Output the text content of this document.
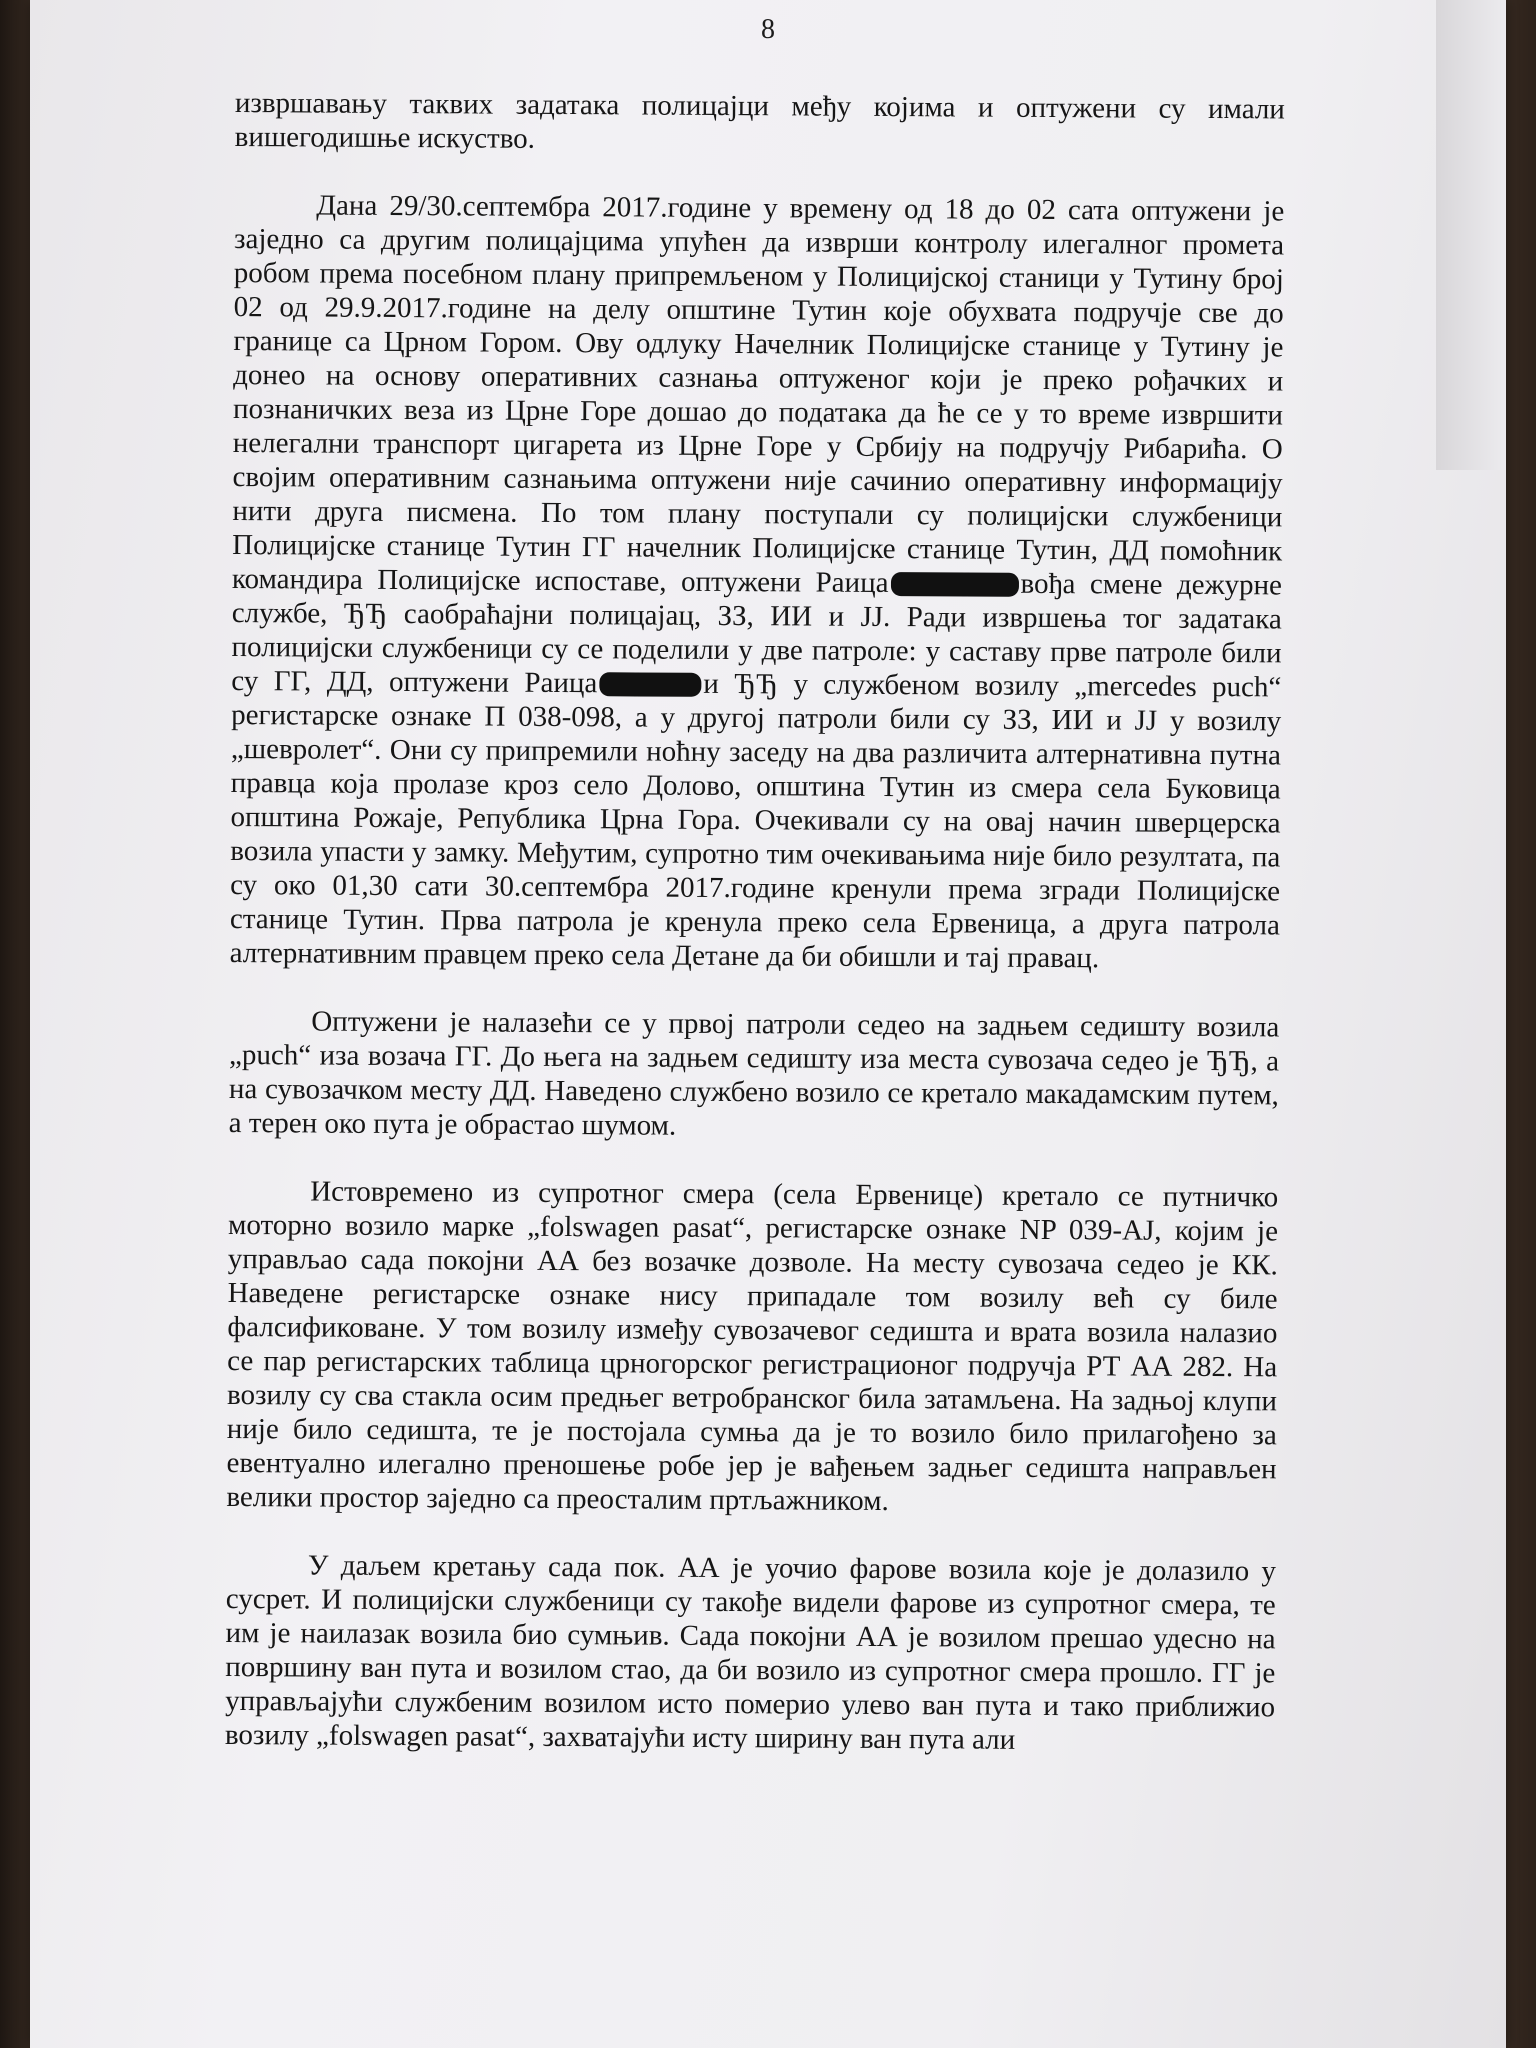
8

извршавању таквих задатака полицајци међу којима и оптужени су имали вишегодишње искуство.

Дана 29/30.септембра 2017.године у времену од 18 до 02 сата оптужени је заједно са другим полицајцима упућен да изврши контролу илегалног промета робом према посебном плану припремљеном у Полицијској станици у Тутину број 02 од 29.9.2017.године на делу општине Тутин које обухвата подручје све до границе са Црном Гором. Ову одлуку Начелник Полицијске станице у Тутину је донео на основу оперативних сазнања оптуженог који је преко рођачких и познаничких веза из Црне Горе дошао до података да ће се у то време извршити нелегални транспорт цигарета из Црне Горе у Србију на подручју Рибарића. О својим оперативним сазнањима оптужени није сачинио оперативну информацију нити друга писмена. По том плану поступали су полицијски службеници Полицијске станице Тутин ГГ начелник Полицијске станице Тутин, ДД помоћник командира Полицијске испоставе, оптужени Раица	вођа смене дежурне службе, ЂЂ саобраћајни полицајац, ЗЗ, ИИ и ЈЈ. Ради извршења тог задатака полицијски службеници су се поделили у две патроле: у саставу прве патроле били су ГГ, ДД, оптужени Раица	и ЂЂ у службеном возилу „mercedes puch“ регистарске ознаке П 038-098, а у другој патроли били су ЗЗ, ИИ и ЈЈ у возилу „шевролет“. Они су припремили ноћну заседу на два различита алтернативна путна правца која пролазе кроз село Долово, општина Тутин из смера села Буковица општина Рожаје, Република Црна Гора. Очекивали су на овај начин шверцерска возила упасти у замку. Међутим, супротно тим очекивањима није било резултата, па су око 01,30 сати 30.септембра 2017.године кренули према згради Полицијске станице Тутин. Прва патрола је кренула преко села Ервеница, а друга патрола алтернативним правцем преко села Детане да би обишли и тај правац.

Оптужени је налазећи се у првој патроли седео на задњем седишту возила „puch“ иза возача ГГ. До њега на задњем седишту иза места сувозача седео је ЂЂ, а на сувозачком месту ДД. Наведено службено возило се кретало макадамским путем, а терен око пута је обрастао шумом.

Истовремено из супротног смера (села Ервенице) кретало се путничко моторно возило марке „folswagen pasat“, регистарске ознаке NP 039-AJ, којим је управљао сада покојни АА без возачке дозволе. На месту сувозача седео је КК. Наведене регистарске ознаке нису припадале том возилу већ су биле фалсификоване. У том возилу између сувозачевог седишта и врата возила налазио се пар регистарских таблица црногорског регистрационог подручја РТ АА 282. На возилу су сва стакла осим предњег ветробранског била затамљена. На задњој клупи није било седишта, те је постојала сумња да је то возило било прилагођено за евентуално илегално преношење робе јер је вађењем задњег седишта направљен велики простор заједно са преосталим пртљажником.

У даљем кретању сада пок. АА је уочио фарове возила које је долазило у сусрет. И полицијски службеници су такође видели фарове из супротног смера, те им је наилазак возила био сумњив. Сада покојни АА је возилом прешао удесно на површину ван пута и возилом стао, да би возило из супротног смера прошло. ГГ је управљајући службеним возилом исто померио улево ван пута и тако приближио возилу „folswagen pasat“, захватајући исту ширину ван пута али
